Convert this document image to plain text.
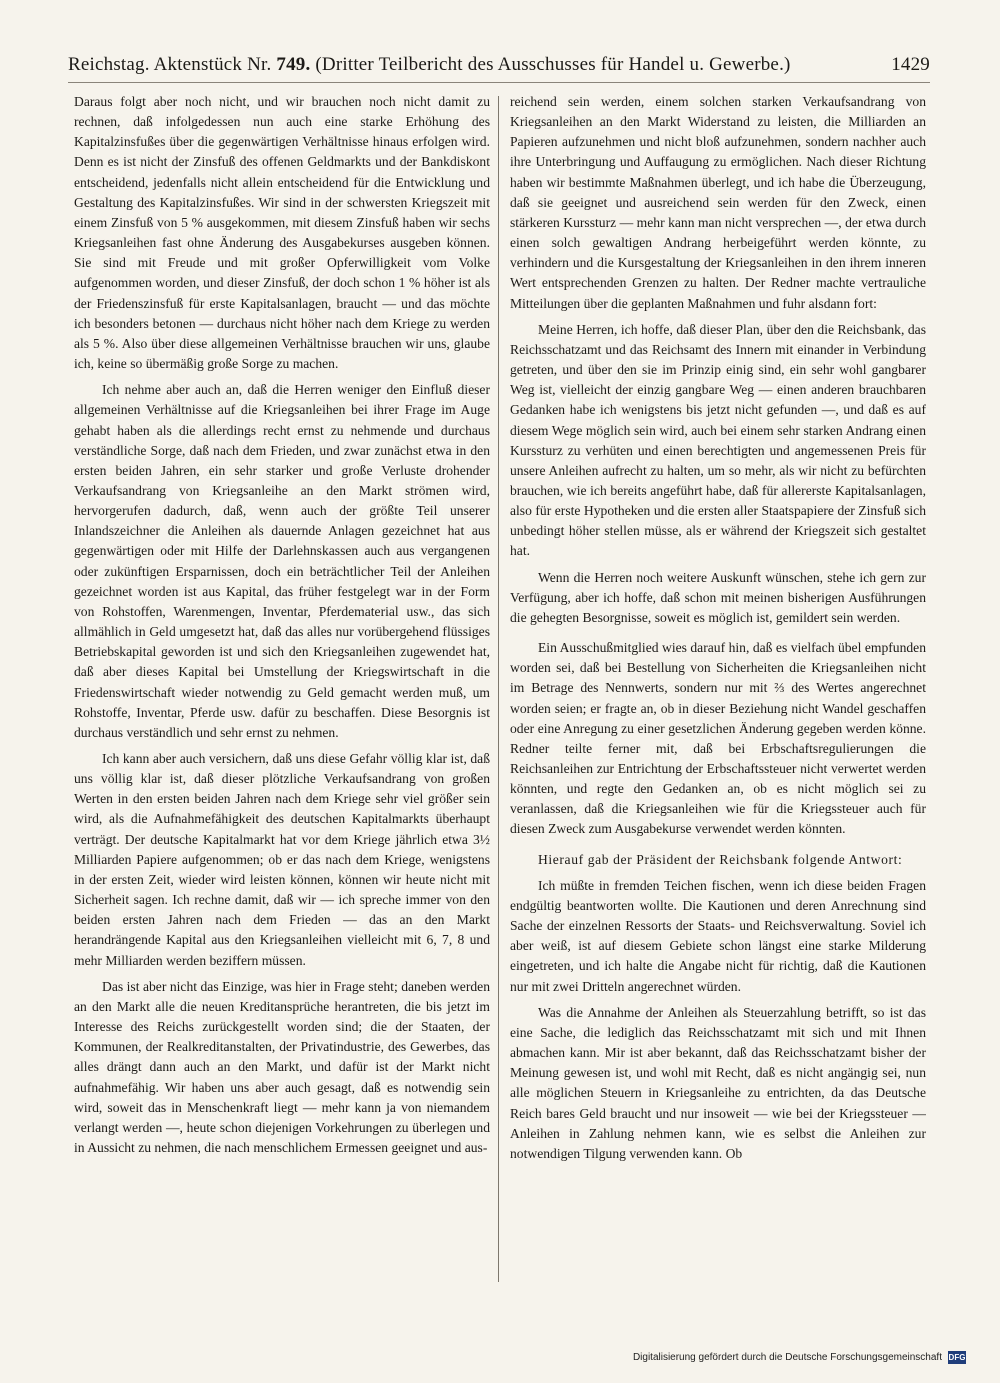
Reichstag. Aktenstück Nr. 749. (Dritter Teilbericht des Ausschusses für Handel u. Gewerbe.)	1429

Daraus folgt aber noch nicht, und wir brauchen noch nicht damit zu rechnen, daß infolgedessen nun auch eine starke Erhöhung des Kapitalzinsfußes über die gegenwärtigen Verhältnisse hinaus erfolgen wird. Denn es ist nicht der Zinsfuß des offenen Geldmarkts und der Bankdiskont entscheidend, jedenfalls nicht allein entscheidend für die Entwicklung und Gestaltung des Kapitalzinsfußes. Wir sind in der schwersten Kriegszeit mit einem Zinsfuß von 5 % ausgekommen, mit diesem Zinsfuß haben wir sechs Kriegsanleihen fast ohne Änderung des Ausgabekurses ausgeben können. Sie sind mit Freude und mit großer Opferwilligkeit vom Volke aufgenommen worden, und dieser Zinsfuß, der doch schon 1 % höher ist als der Friedenszinsfuß für erste Kapitalsanlagen, braucht — und das möchte ich besonders betonen — durchaus nicht höher nach dem Kriege zu werden als 5 %. Also über diese allgemeinen Verhältnisse brauchen wir uns, glaube ich, keine so übermäßig große Sorge zu machen.

Ich nehme aber auch an, daß die Herren weniger den Einfluß dieser allgemeinen Verhältnisse auf die Kriegsanleihen bei ihrer Frage im Auge gehabt haben als die allerdings recht ernst zu nehmende und durchaus verständliche Sorge, daß nach dem Frieden, und zwar zunächst etwa in den ersten beiden Jahren, ein sehr starker und große Verluste drohender Verkaufsandrang von Kriegsanleihe an den Markt strömen wird, hervorgerufen dadurch, daß, wenn auch der größte Teil unserer Inlandszeichner die Anleihen als dauernde Anlagen gezeichnet hat aus gegenwärtigen oder mit Hilfe der Darlehnskassen auch aus vergangenen oder zukünftigen Ersparnissen, doch ein beträchtlicher Teil der Anleihen gezeichnet worden ist aus Kapital, das früher festgelegt war in der Form von Rohstoffen, Warenmengen, Inventar, Pferdematerial usw., das sich allmählich in Geld umgesetzt hat, daß das alles nur vorübergehend flüssiges Betriebskapital geworden ist und sich den Kriegsanleihen zugewendet hat, daß aber dieses Kapital bei Umstellung der Kriegswirtschaft in die Friedenswirtschaft wieder notwendig zu Geld gemacht werden muß, um Rohstoffe, Inventar, Pferde usw. dafür zu beschaffen. Diese Besorgnis ist durchaus verständlich und sehr ernst zu nehmen.

Ich kann aber auch versichern, daß uns diese Gefahr völlig klar ist, daß uns völlig klar ist, daß dieser plötzliche Verkaufsandrang von großen Werten in den ersten beiden Jahren nach dem Kriege sehr viel größer sein wird, als die Aufnahmefähigkeit des deutschen Kapitalmarkts überhaupt verträgt. Der deutsche Kapitalmarkt hat vor dem Kriege jährlich etwa 3½ Milliarden Papiere aufgenommen; ob er das nach dem Kriege, wenigstens in der ersten Zeit, wieder wird leisten können, können wir heute nicht mit Sicherheit sagen. Ich rechne damit, daß wir — ich spreche immer von den beiden ersten Jahren nach dem Frieden — das an den Markt herandrängende Kapital aus den Kriegsanleihen vielleicht mit 6, 7, 8 und mehr Milliarden werden beziffern müssen.

Das ist aber nicht das Einzige, was hier in Frage steht; daneben werden an den Markt alle die neuen Kreditansprüche herantreten, die bis jetzt im Interesse des Reichs zurückgestellt worden sind; die der Staaten, der Kommunen, der Realkreditanstalten, der Privatindustrie, des Gewerbes, das alles drängt dann auch an den Markt, und dafür ist der Markt nicht aufnahmefähig. Wir haben uns aber auch gesagt, daß es notwendig sein wird, soweit das in Menschenkraft liegt — mehr kann ja von niemandem verlangt werden —, heute schon diejenigen Vorkehrungen zu überlegen und in Aussicht zu nehmen, die nach menschlichem Ermessen geeignet und aus-

reichend sein werden, einem solchen starken Verkaufsandrang von Kriegsanleihen an den Markt Widerstand zu leisten, die Milliarden an Papieren aufzunehmen und nicht bloß aufzunehmen, sondern nachher auch ihre Unterbringung und Auffaugung zu ermöglichen. Nach dieser Richtung haben wir bestimmte Maßnahmen überlegt, und ich habe die Überzeugung, daß sie geeignet und ausreichend sein werden für den Zweck, einen stärkeren Kurssturz — mehr kann man nicht versprechen —, der etwa durch einen solch gewaltigen Andrang herbeigeführt werden könnte, zu verhindern und die Kursgestaltung der Kriegsanleihen in den ihrem inneren Wert entsprechenden Grenzen zu halten. Der Redner machte vertrauliche Mitteilungen über die geplanten Maßnahmen und fuhr alsdann fort:

Meine Herren, ich hoffe, daß dieser Plan, über den die Reichsbank, das Reichsschatzamt und das Reichsamt des Innern mit einander in Verbindung getreten, und über den sie im Prinzip einig sind, ein sehr wohl gangbarer Weg ist, vielleicht der einzig gangbare Weg — einen anderen brauchbaren Gedanken habe ich wenigstens bis jetzt nicht gefunden —, und daß es auf diesem Wege möglich sein wird, auch bei einem sehr starken Andrang einen Kurssturz zu verhüten und einen berechtigten und angemessenen Preis für unsere Anleihen aufrecht zu halten, um so mehr, als wir nicht zu befürchten brauchen, wie ich bereits angeführt habe, daß für allererste Kapitalsanlagen, also für erste Hypotheken und die ersten aller Staatspapiere der Zinsfuß sich unbedingt höher stellen müsse, als er während der Kriegszeit sich gestaltet hat.

Wenn die Herren noch weitere Auskunft wünschen, stehe ich gern zur Verfügung, aber ich hoffe, daß schon mit meinen bisherigen Ausführungen die gehegten Besorgnisse, soweit es möglich ist, gemildert sein werden.

Ein Ausschußmitglied wies darauf hin, daß es vielfach übel empfunden worden sei, daß bei Bestellung von Sicherheiten die Kriegsanleihen nicht im Betrage des Nennwerts, sondern nur mit ⅔ des Wertes angerechnet worden seien; er fragte an, ob in dieser Beziehung nicht Wandel geschaffen oder eine Anregung zu einer gesetzlichen Änderung gegeben werden könne. Redner teilte ferner mit, daß bei Erbschaftsregulierungen die Reichsanleihen zur Entrichtung der Erbschaftssteuer nicht verwertet werden könnten, und regte den Gedanken an, ob es nicht möglich sei zu veranlassen, daß die Kriegsanleihen wie für die Kriegssteuer auch für diesen Zweck zum Ausgabekurse verwendet werden könnten.

Hierauf gab der Präsident der Reichsbank folgende Antwort:

Ich müßte in fremden Teichen fischen, wenn ich diese beiden Fragen endgültig beantworten wollte. Die Kautionen und deren Anrechnung sind Sache der einzelnen Ressorts der Staats- und Reichsverwaltung. Soviel ich aber weiß, ist auf diesem Gebiete schon längst eine starke Milderung eingetreten, und ich halte die Angabe nicht für richtig, daß die Kautionen nur mit zwei Dritteln angerechnet würden.

Was die Annahme der Anleihen als Steuerzahlung betrifft, so ist das eine Sache, die lediglich das Reichsschatzamt mit sich und mit Ihnen abmachen kann. Mir ist aber bekannt, daß das Reichsschatzamt bisher der Meinung gewesen ist, und wohl mit Recht, daß es nicht angängig sei, nun alle möglichen Steuern in Kriegsanleihe zu entrichten, da das Deutsche Reich bares Geld braucht und nur insoweit — wie bei der Kriegssteuer — Anleihen in Zahlung nehmen kann, wie es selbst die Anleihen zur notwendigen Tilgung verwenden kann. Ob

Digitalisierung gefördert durch die Deutsche Forschungsgemeinschaft DFG
